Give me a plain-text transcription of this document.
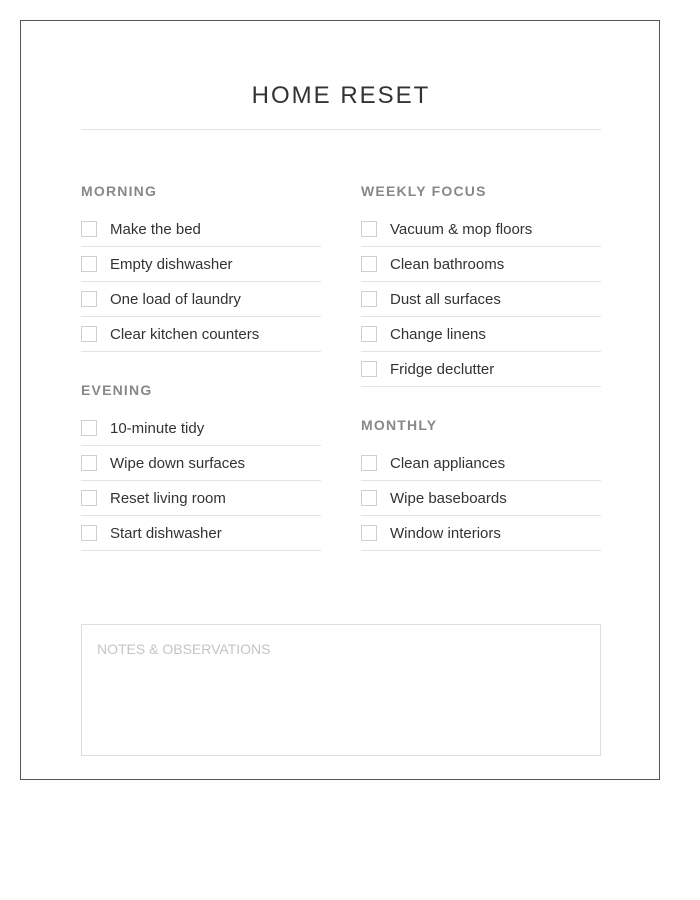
HOME RESET
MORNING
Make the bed
Empty dishwasher
One load of laundry
Clear kitchen counters
EVENING
10-minute tidy
Wipe down surfaces
Reset living room
Start dishwasher
WEEKLY FOCUS
Vacuum & mop floors
Clean bathrooms
Dust all surfaces
Change linens
Fridge declutter
MONTHLY
Clean appliances
Wipe baseboards
Window interiors
NOTES & OBSERVATIONS
